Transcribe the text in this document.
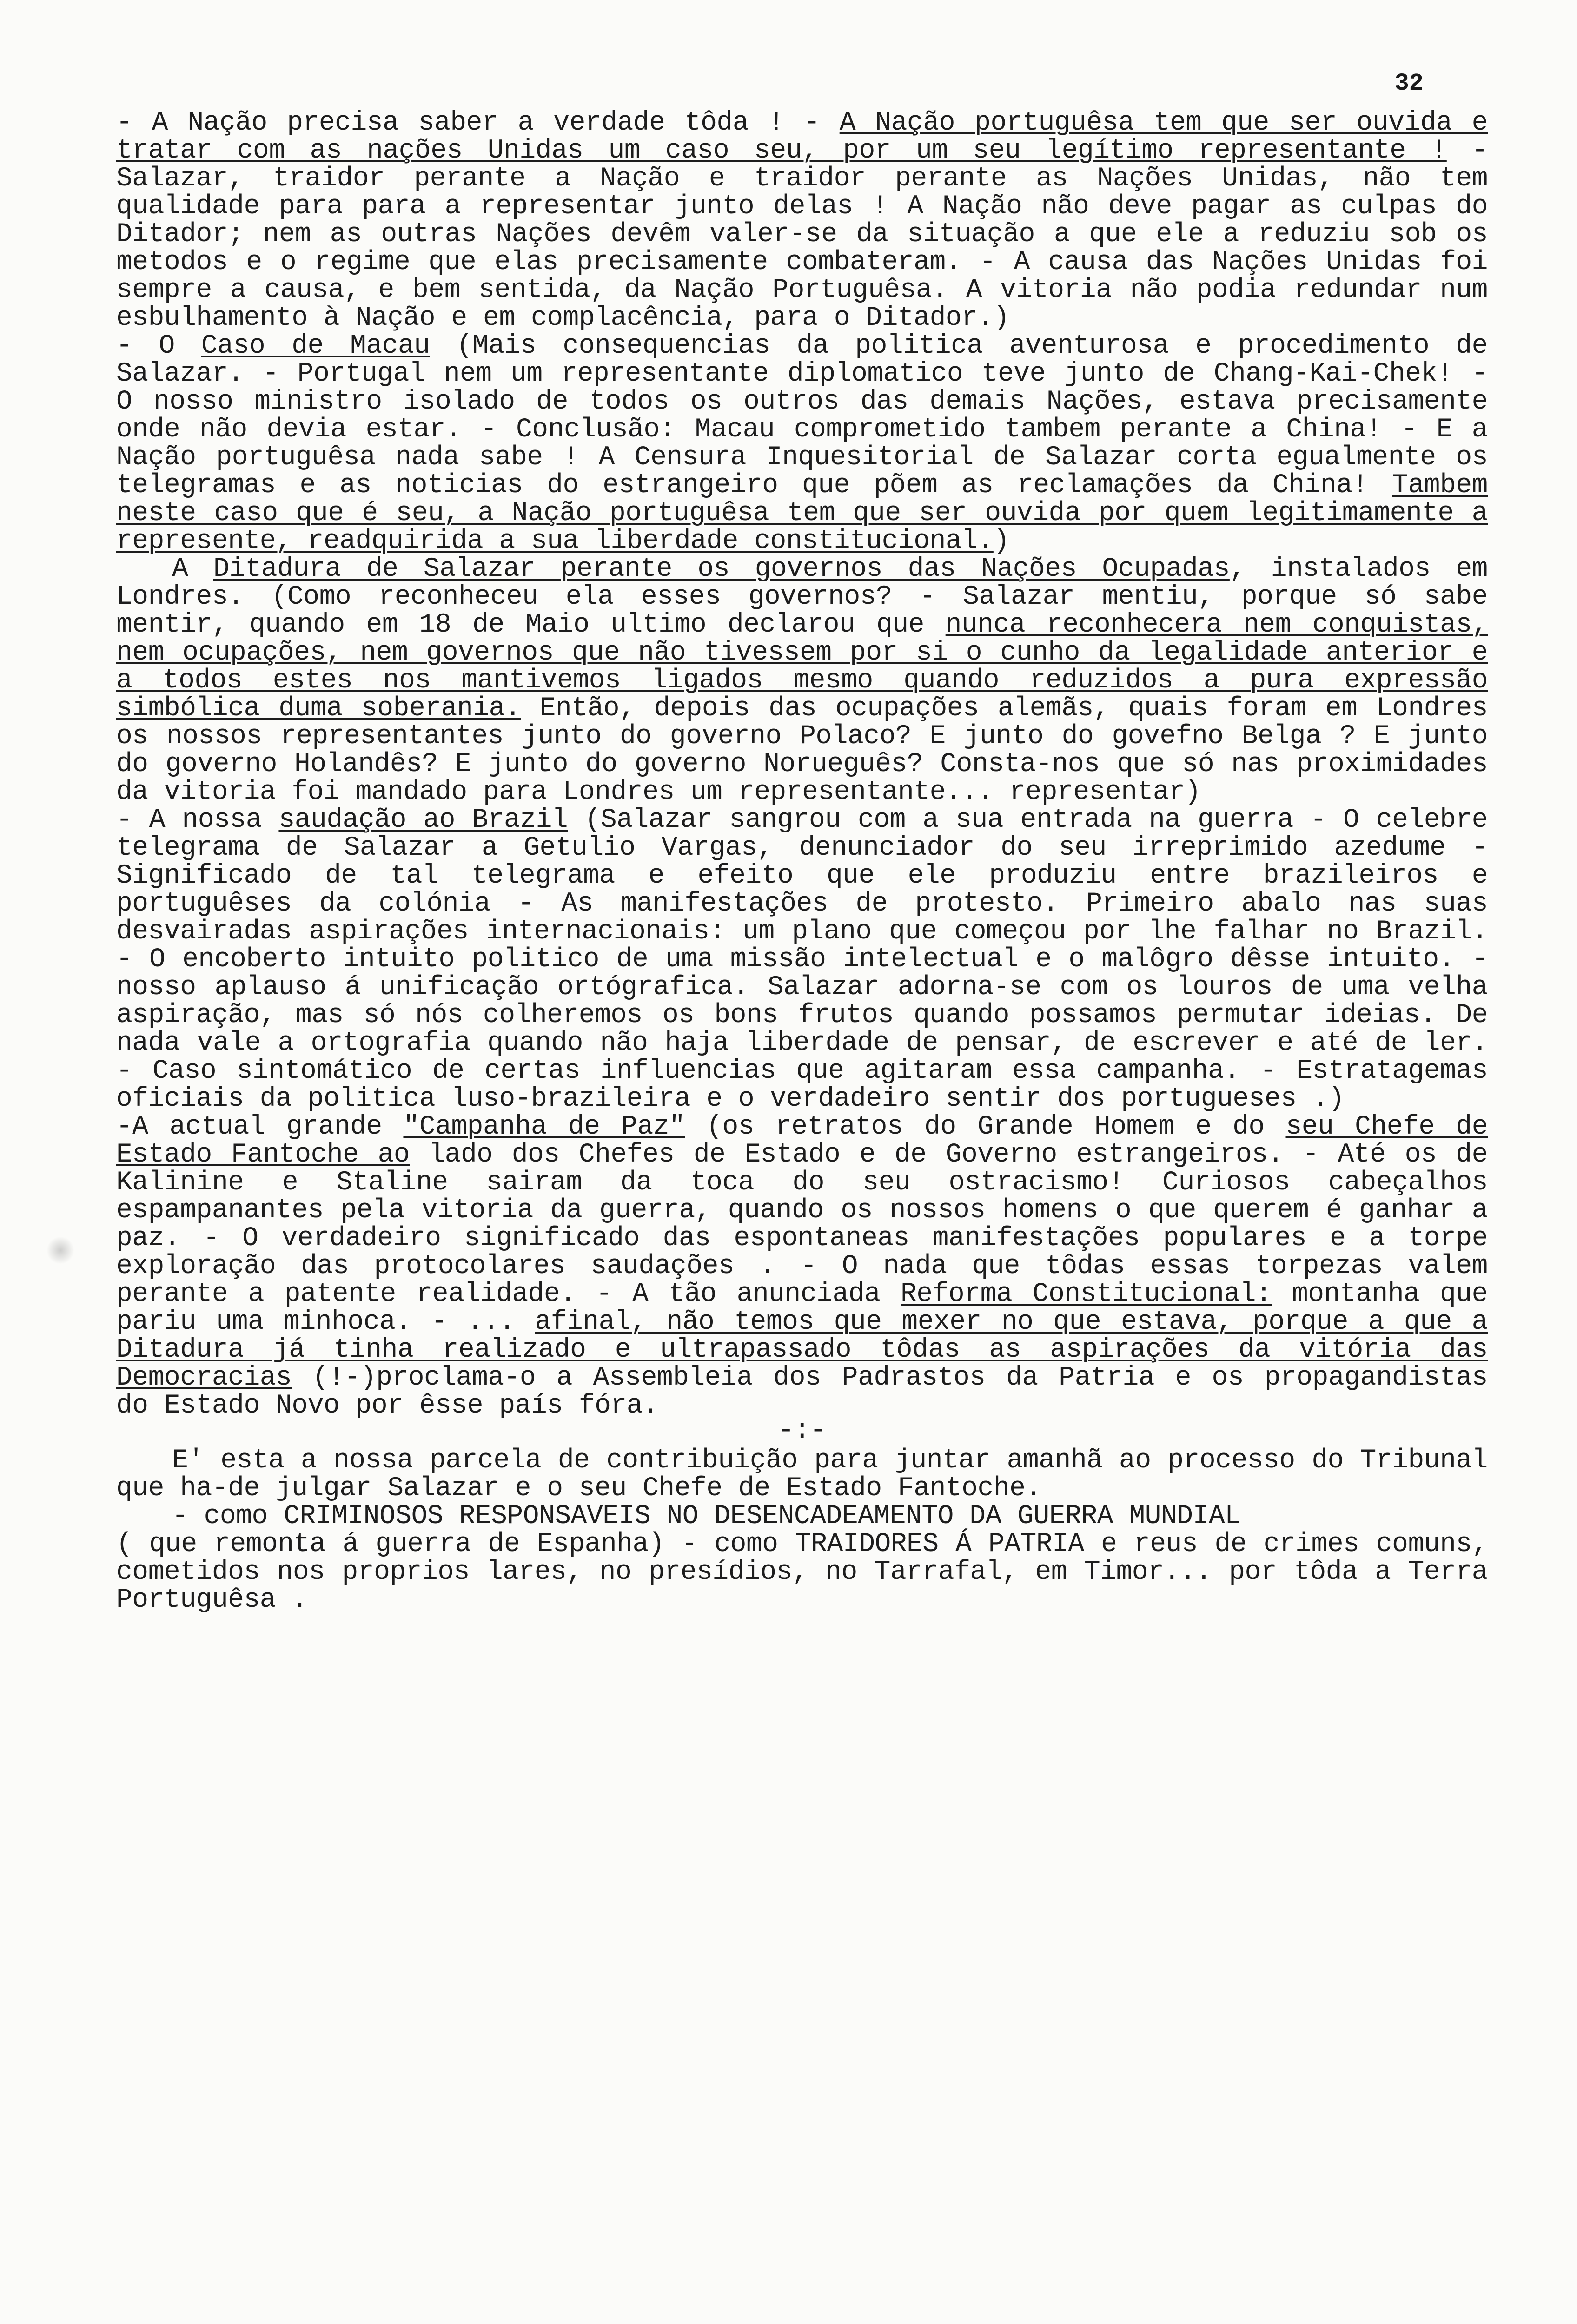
32

- A Nação precisa saber a verdade tôda ! - A Nação portuguêsa tem que ser ouvida e tratar com as nações Unidas um caso seu, por um seu legítimo representante ! - Salazar, traidor perante a Nação e traidor perante as Nações Unidas, não tem qualidade para para a representar junto delas ! A Nação não deve pagar as culpas do Ditador; nem as outras Nações devêm valer-se da situação a que ele a reduziu sob os metodos e o regime que elas precisamente combateram. - A causa das Nações Unidas foi sempre a causa, e bem sentida, da Nação Portuguêsa. A vitoria não podia redundar num esbulhamento à Nação e em complacência, para o Ditador.)

- O Caso de Macau (Mais consequencias da politica aventurosa e procedimento de Salazar. - Portugal nem um representante diplomatico teve junto de Chang-Kai-Chek! - O nosso ministro isolado de todos os outros das demais Nações, estava precisamente onde não devia estar. - Conclusão: Macau comprometido tambem perante a China! - E a Nação portuguêsa nada sabe ! A Censura Inquesitorial de Salazar corta egualmente os telegramas e as noticias do estrangeiro que põem as reclamações da China! Tambem neste caso que é seu, a Nação portuguêsa tem que ser ouvida por quem legitimamente a represente, readquirida a sua liberdade constitucional.)

A Ditadura de Salazar perante os governos das Nações Ocupadas, instalados em Londres. (Como reconheceu ela esses governos? - Salazar mentiu, porque só sabe mentir, quando em 18 de Maio ultimo declarou que nunca reconhecera nem conquistas, nem ocupações, nem governos que não tivessem por si o cunho da legalidade anterior e a todos estes nos mantivemos ligados mesmo quando reduzidos a pura expressão simbólica duma soberania. Então, depois das ocupações alemãs, quais foram em Londres os nossos representantes junto do governo Polaco? E junto do govefno Belga ? E junto do governo Holandês? E junto do governo Norueguês? Consta-nos que só nas proximidades da vitoria foi mandado para Londres um representante... representar)

- A nossa saudação ao Brazil (Salazar sangrou com a sua entrada na guerra - O celebre telegrama de Salazar a Getulio Vargas, denunciador do seu irreprimido azedume - Significado de tal telegrama e efeito que ele produziu entre brazileiros e portuguêses da colónia - As manifestações de protesto. Primeiro abalo nas suas desvairadas aspirações internacionais: um plano que começou por lhe falhar no Brazil. - O encoberto intuito politico de uma missão intelectual e o malôgro dêsse intuito. - nosso aplauso á unificação ortógrafica. Salazar adorna-se com os louros de uma velha aspiração, mas só nós colheremos os bons frutos quando possamos permutar ideias. De nada vale a ortografia quando não haja liberdade de pensar, de escrever e até de ler. - Caso sintomático de certas influencias que agitaram essa campanha. - Estratagemas oficiais da politica luso-brazileira e o verdadeiro sentir dos portugueses .)

-A actual grande "Campanha de Paz" (os retratos do Grande Homem e do seu Chefe de Estado Fantoche ao lado dos Chefes de Estado e de Governo estrangeiros. - Até os de Kalinine e Staline sairam da toca do seu ostracismo! Curiosos cabeçalhos espampanantes pela vitoria da guerra, quando os nossos homens o que querem é ganhar a paz. - O verdadeiro significado das espontaneas manifestações populares e a torpe exploração das protocolares saudações . - O nada que tôdas essas torpezas valem perante a patente realidade. - A tão anunciada Reforma Constitucional: montanha que pariu uma minhoca. - ... afinal, não temos que mexer no que estava, porque a que a Ditadura já tinha realizado e ultrapassado tôdas as aspirações da vitória das Democracias (!-)proclama-o a Assembleia dos Padrastos da Patria e os propagandistas do Estado Novo por êsse país fóra.

-:-

E' esta a nossa parcela de contribuição para juntar amanhã ao processo do Tribunal que ha-de julgar Salazar e o seu Chefe de Estado Fantoche.

- como CRIMINOSOS RESPONSAVEIS NO DESENCADEAMENTO DA GUERRA MUNDIAL

( que remonta á guerra de Espanha) - como TRAIDORES Á PATRIA e reus de crimes comuns, cometidos nos proprios lares, no presídios, no Tarrafal, em Timor... por tôda a Terra Portuguêsa .
